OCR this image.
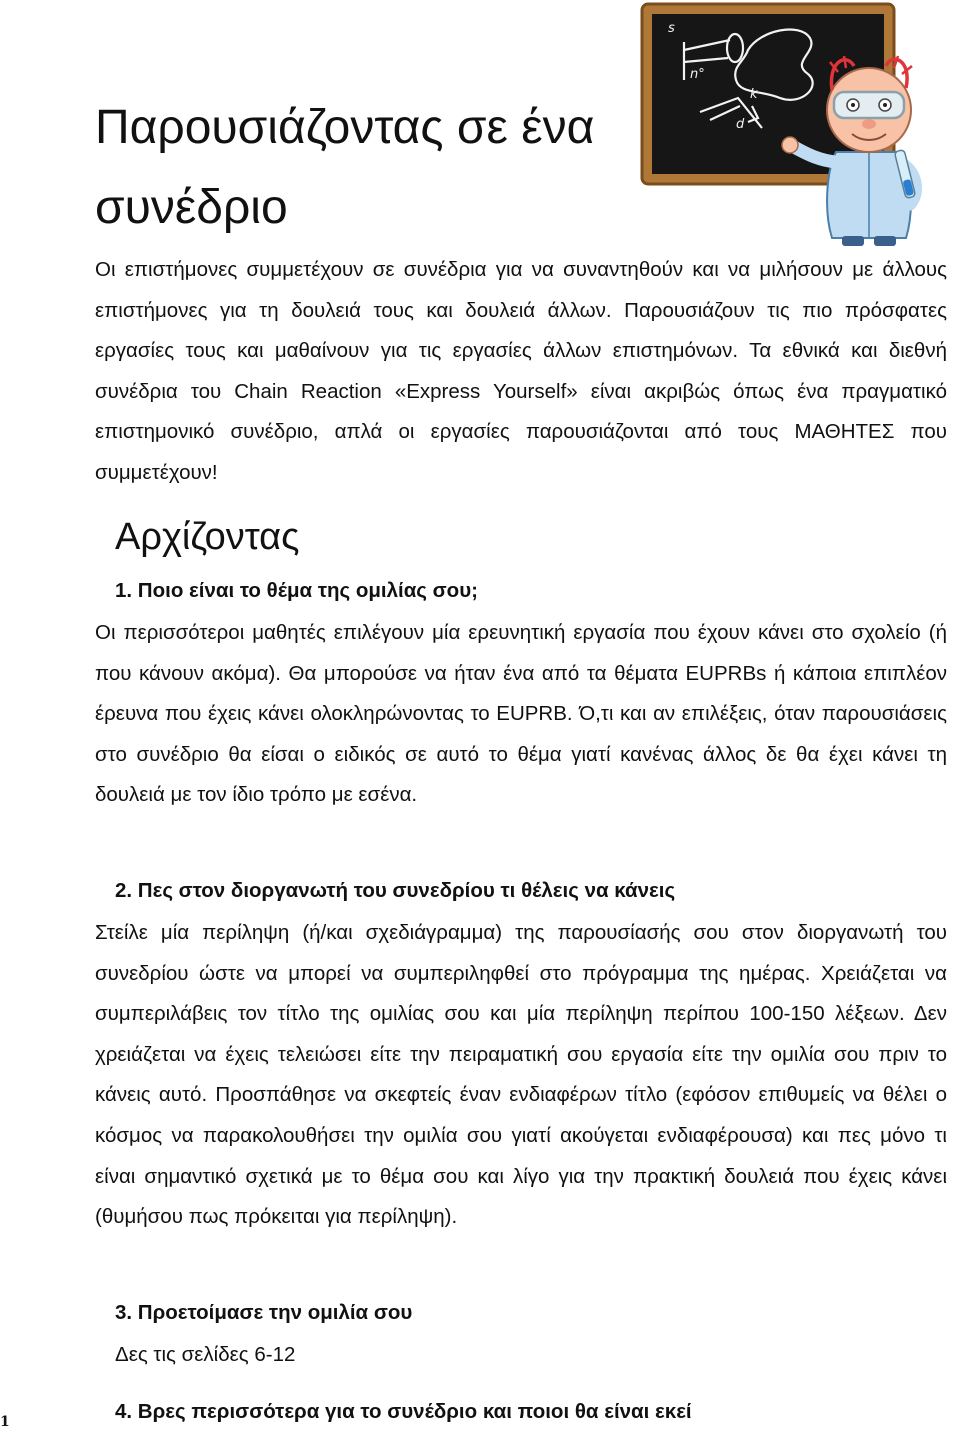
Παρουσιάζοντας σε ένα
συνέδριο
s
n°
d
k

Οι επιστήμονες συμμετέχουν σε συνέδρια για να συναντηθούν και να μιλήσουν με άλλους επιστήμονες για τη δουλειά τους και δουλειά άλλων. Παρουσιάζουν τις πιο πρόσφατες εργασίες τους και μαθαίνουν για τις εργασίες άλλων επιστημόνων. Τα εθνικά και διεθνή συνέδρια του Chain Reaction «Express Yourself» είναι ακριβώς όπως ένα πραγματικό επιστημονικό συνέδριο, απλά οι εργασίες παρουσιάζονται από τους ΜΑΘΗΤΕΣ που συμμετέχουν!

Αρχίζοντας
1. Ποιο είναι το θέμα της ομιλίας σου;

Οι περισσότεροι μαθητές επιλέγουν μία ερευνητική εργασία που έχουν κάνει στο σχολείο (ή που κάνουν ακόμα). Θα μπορούσε να ήταν ένα από τα θέματα EUPRBs ή κάποια επιπλέον έρευνα που έχεις κάνει ολοκληρώνοντας το EUPRB. Ό,τι και αν επιλέξεις, όταν παρουσιάσεις στο συνέδριο θα είσαι ο ειδικός σε αυτό το θέμα γιατί κανένας άλλος δε θα έχει κάνει τη δουλειά με τον ίδιο τρόπο με εσένα.

2. Πες στον διοργανωτή του συνεδρίου τι θέλεις να κάνεις

Στείλε μία περίληψη (ή/και σχεδιάγραμμα) της παρουσίασής σου στον διοργανωτή του συνεδρίου ώστε να μπορεί να συμπεριληφθεί στο πρόγραμμα της ημέρας. Χρειάζεται να συμπεριλάβεις τον τίτλο της ομιλίας σου και μία περίληψη περίπου 100-150 λέξεων. Δεν χρειάζεται να έχεις τελειώσει είτε την πειραματική σου εργασία είτε την ομιλία σου πριν το κάνεις αυτό. Προσπάθησε να σκεφτείς έναν ενδιαφέρων τίτλο (εφόσον επιθυμείς να θέλει ο κόσμος να παρακολουθήσει την ομιλία σου γιατί ακούγεται ενδιαφέρουσα) και πες μόνο τι είναι σημαντικό σχετικά με το θέμα σου και λίγο για την πρακτική δουλειά που έχεις κάνει (θυμήσου πως πρόκειται για περίληψη).

3. Προετοίμασε την ομιλία σου

Δες τις σελίδες 6-12

4. Βρες περισσότερα για το συνέδριο και ποιοι θα είναι εκεί
1
